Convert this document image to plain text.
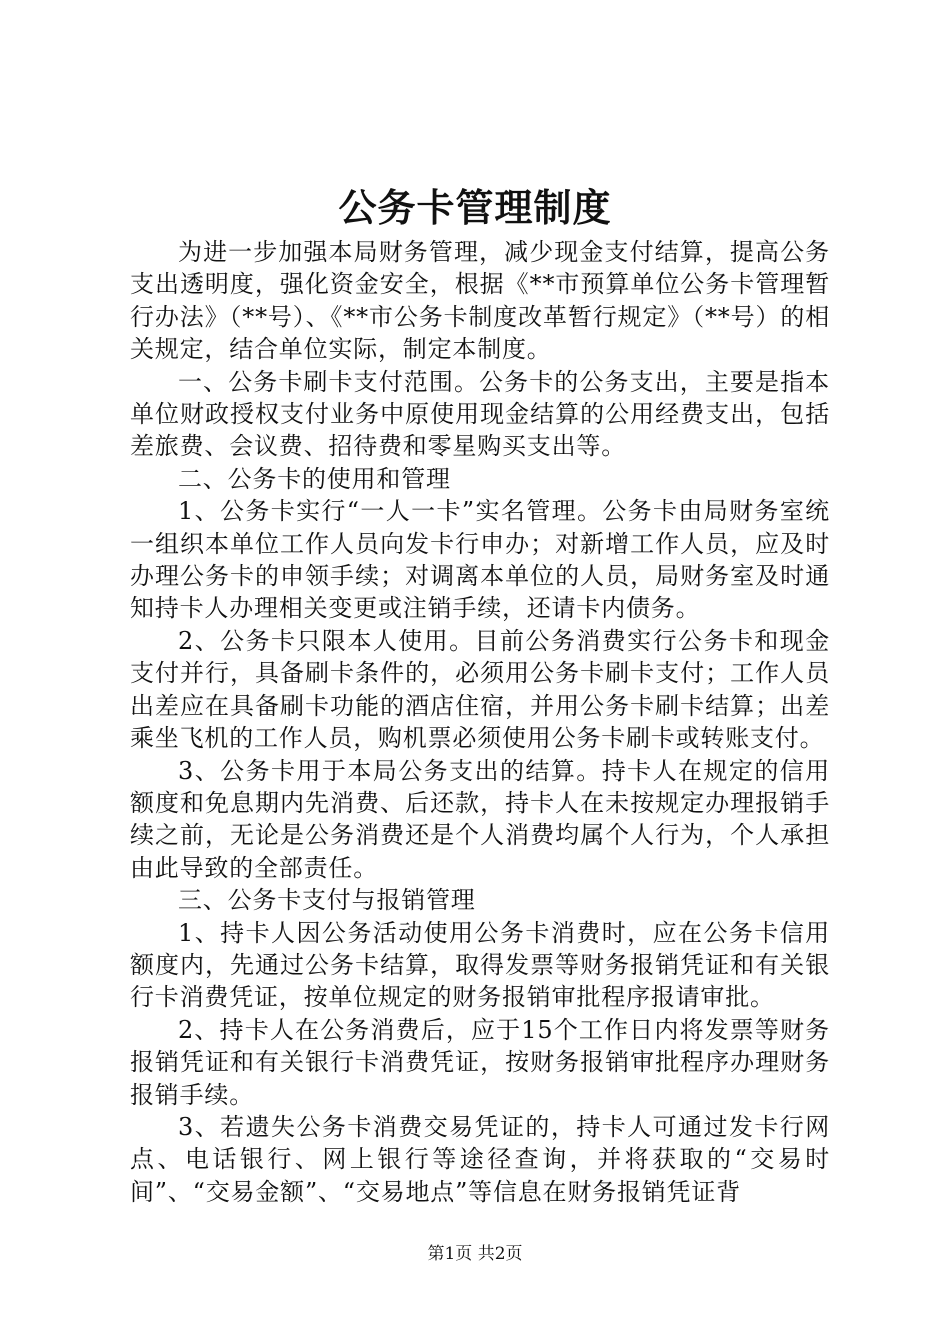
公务卡管理制度

为进一步加强本局财务管理，减少现金支付结算，提高公务支出透明度，强化资金安全，根据《**市预算单位公务卡管理暂行办法》（**号）、《**市公务卡制度改革暂行规定》（**号）的相关规定，结合单位实际，制定本制度。

一、公务卡刷卡支付范围。公务卡的公务支出，主要是指本单位财政授权支付业务中原使用现金结算的公用经费支出，包括差旅费、会议费、招待费和零星购买支出等。

二、公务卡的使用和管理

1、公务卡实行“一人一卡”实名管理。公务卡由局财务室统一组织本单位工作人员向发卡行申办；对新增工作人员，应及时办理公务卡的申领手续；对调离本单位的人员，局财务室及时通知持卡人办理相关变更或注销手续，还请卡内债务。

2、公务卡只限本人使用。目前公务消费实行公务卡和现金支付并行，具备刷卡条件的，必须用公务卡刷卡支付；工作人员出差应在具备刷卡功能的酒店住宿，并用公务卡刷卡结算；出差乘坐飞机的工作人员，购机票必须使用公务卡刷卡或转账支付。

3、公务卡用于本局公务支出的结算。持卡人在规定的信用额度和免息期内先消费、后还款，持卡人在未按规定办理报销手续之前，无论是公务消费还是个人消费均属个人行为，个人承担由此导致的全部责任。

三、公务卡支付与报销管理

1、持卡人因公务活动使用公务卡消费时，应在公务卡信用额度内，先通过公务卡结算，取得发票等财务报销凭证和有关银行卡消费凭证，按单位规定的财务报销审批程序报请审批。

2、持卡人在公务消费后，应于15个工作日内将发票等财务报销凭证和有关银行卡消费凭证，按财务报销审批程序办理财务报销手续。

3、若遗失公务卡消费交易凭证的，持卡人可通过发卡行网点、电话银行、网上银行等途径查询，并将获取的“交易时间”、“交易金额”、“交易地点”等信息在财务报销凭证背

第1页 共2页
